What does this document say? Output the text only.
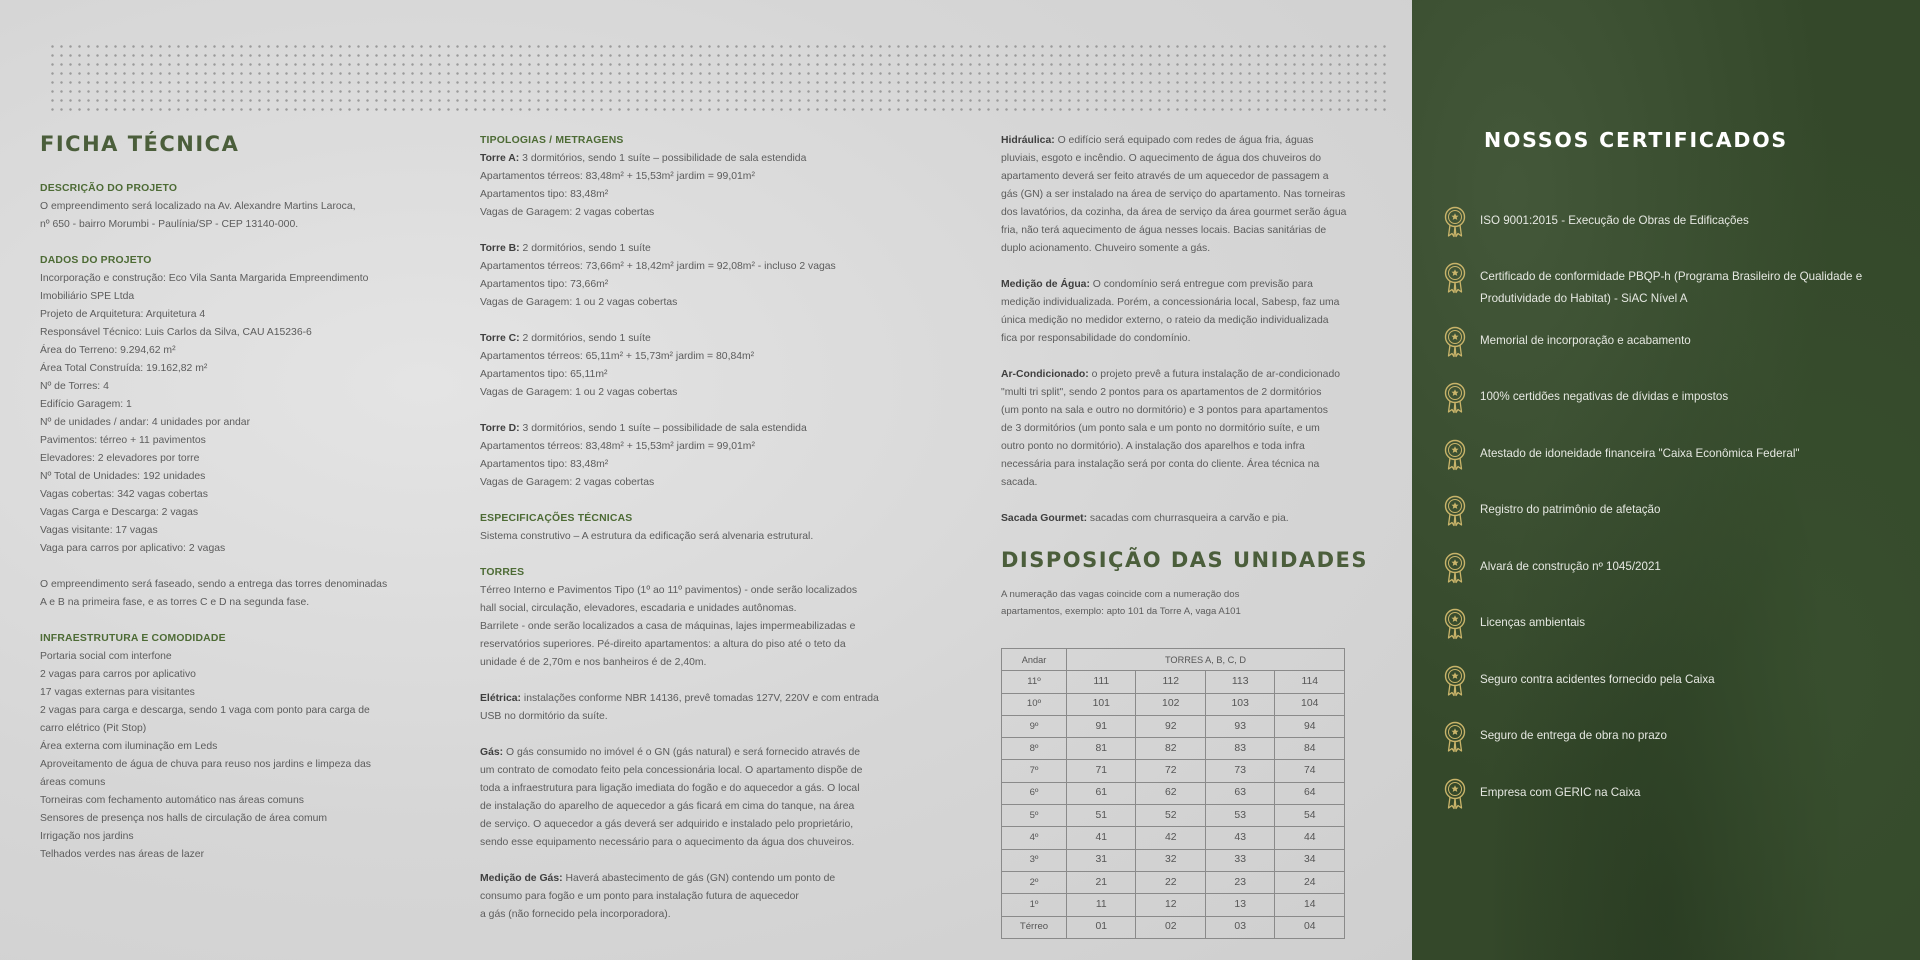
FICHA TÉCNICA
DESCRIÇÃO DO PROJETO
O empreendimento será localizado na Av. Alexandre Martins Laroca,
nº 650 - bairro Morumbi - Paulínia/SP - CEP 13140-000.
DADOS DO PROJETO
Incorporação e construção: Eco Vila Santa Margarida Empreendimento
Imobiliário SPE Ltda
Projeto de Arquitetura: Arquitetura 4
Responsável Técnico: Luis Carlos da Silva, CAU A15236-6
Área do Terreno: 9.294,62 m²
Área Total Construída: 19.162,82 m²
Nº de Torres: 4
Edifício Garagem: 1
Nº de unidades / andar: 4 unidades por andar
Pavimentos: térreo + 11 pavimentos
Elevadores: 2 elevadores por torre
Nº Total de Unidades: 192 unidades
Vagas cobertas: 342 vagas cobertas
Vagas Carga e Descarga: 2 vagas
Vagas visitante: 17 vagas
Vaga para carros por aplicativo: 2 vagas
O empreendimento será faseado, sendo a entrega das torres denominadas
A e B na primeira fase, e as torres C e D na segunda fase.
INFRAESTRUTURA E COMODIDADE
Portaria social com interfone
2 vagas para carros por aplicativo
17 vagas externas para visitantes
2 vagas para carga e descarga, sendo 1 vaga com ponto para carga de
carro elétrico (Pit Stop)
Área externa com iluminação em Leds
Aproveitamento de água de chuva para reuso nos jardins e limpeza das
áreas comuns
Torneiras com fechamento automático nas áreas comuns
Sensores de presença nos halls de circulação de área comum
Irrigação nos jardins
Telhados verdes nas áreas de lazer
TIPOLOGIAS / METRAGENS
Torre A: 3 dormitórios, sendo 1 suíte – possibilidade de sala estendida
Apartamentos térreos: 83,48m² + 15,53m² jardim = 99,01m²
Apartamentos tipo: 83,48m²
Vagas de Garagem: 2 vagas cobertas
Torre B: 2 dormitórios, sendo 1 suíte
Apartamentos térreos: 73,66m² + 18,42m² jardim = 92,08m² - incluso 2 vagas
Apartamentos tipo: 73,66m²
Vagas de Garagem: 1 ou 2 vagas cobertas
Torre C: 2 dormitórios, sendo 1 suíte
Apartamentos térreos: 65,11m² + 15,73m² jardim = 80,84m²
Apartamentos tipo: 65,11m²
Vagas de Garagem: 1 ou 2 vagas cobertas
Torre D: 3 dormitórios, sendo 1 suíte – possibilidade de sala estendida
Apartamentos térreos: 83,48m² + 15,53m² jardim = 99,01m²
Apartamentos tipo: 83,48m²
Vagas de Garagem: 2 vagas cobertas
ESPECIFICAÇÕES TÉCNICAS
Sistema construtivo – A estrutura da edificação será alvenaria estrutural.
TORRES
Térreo Interno e Pavimentos Tipo (1º ao 11º pavimentos) - onde serão localizados
hall social, circulação, elevadores, escadaria e unidades autônomas.
Barrilete - onde serão localizados a casa de máquinas, lajes impermeabilizadas e
reservatórios superiores. Pé-direito apartamentos: a altura do piso até o teto da
unidade é de 2,70m e nos banheiros é de 2,40m.
Elétrica: instalações conforme NBR 14136, prevê tomadas 127V, 220V e com entrada
USB no dormitório da suíte.
Gás: O gás consumido no imóvel é o GN (gás natural) e será fornecido através de
um contrato de comodato feito pela concessionária local. O apartamento dispõe de
toda a infraestrutura para ligação imediata do fogão e do aquecedor a gás. O local
de instalação do aparelho de aquecedor a gás ficará em cima do tanque, na área
de serviço. O aquecedor a gás deverá ser adquirido e instalado pelo proprietário,
sendo esse equipamento necessário para o aquecimento da água dos chuveiros.
Medição de Gás: Haverá abastecimento de gás (GN) contendo um ponto de
consumo para fogão e um ponto para instalação futura de aquecedor
a gás (não fornecido pela incorporadora).
Hidráulica: O edifício será equipado com redes de água fria, águas
pluviais, esgoto e incêndio. O aquecimento de água dos chuveiros do
apartamento deverá ser feito através de um aquecedor de passagem a
gás (GN) a ser instalado na área de serviço do apartamento. Nas torneiras
dos lavatórios, da cozinha, da área de serviço da área gourmet serão água
fria, não terá aquecimento de água nesses locais. Bacias sanitárias de
duplo acionamento. Chuveiro somente a gás.
Medição de Água: O condomínio será entregue com previsão para
medição individualizada. Porém, a concessionária local, Sabesp, faz uma
única medição no medidor externo, o rateio da medição individualizada
fica por responsabilidade do condomínio.
Ar-Condicionado: o projeto prevê a futura instalação de ar-condicionado
"multi tri split", sendo 2 pontos para os apartamentos de 2 dormitórios
(um ponto na sala e outro no dormitório) e 3 pontos para apartamentos
de 3 dormitórios (um ponto sala e um ponto no dormitório suíte, e um
outro ponto no dormitório). A instalação dos aparelhos e toda infra
necessária para instalação será por conta do cliente. Área técnica na
sacada.
Sacada Gourmet: sacadas com churrasqueira a carvão e pia.
DISPOSIÇÃO DAS UNIDADES
A numeração das vagas coincide com a numeração dos apartamentos, exemplo: apto 101 da Torre A, vaga A101
Andar	TORRES A, B, C, D			
11º	111	112	113	114
10º	101	102	103	104
9º	91	92	93	94
8º	81	82	83	84
7º	71	72	73	74
6º	61	62	63	64
5º	51	52	53	54
4º	41	42	43	44
3º	31	32	33	34
2º	21	22	23	24
1º	11	12	13	14
Térreo	01	02	03	04
NOSSOS CERTIFICADOS
ISO 9001:2015 - Execução de Obras de Edificações
Certificado de conformidade PBQP-h (Programa Brasileiro de Qualidade e Produtividade do Habitat) - SiAC Nível A
Memorial de incorporação e acabamento
100% certidões negativas de dívidas e impostos
Atestado de idoneidade financeira "Caixa Econômica Federal"
Registro do patrimônio de afetação
Alvará de construção nº 1045/2021
Licenças ambientais
Seguro contra acidentes fornecido pela Caixa
Seguro de entrega de obra no prazo
Empresa com GERIC na Caixa
